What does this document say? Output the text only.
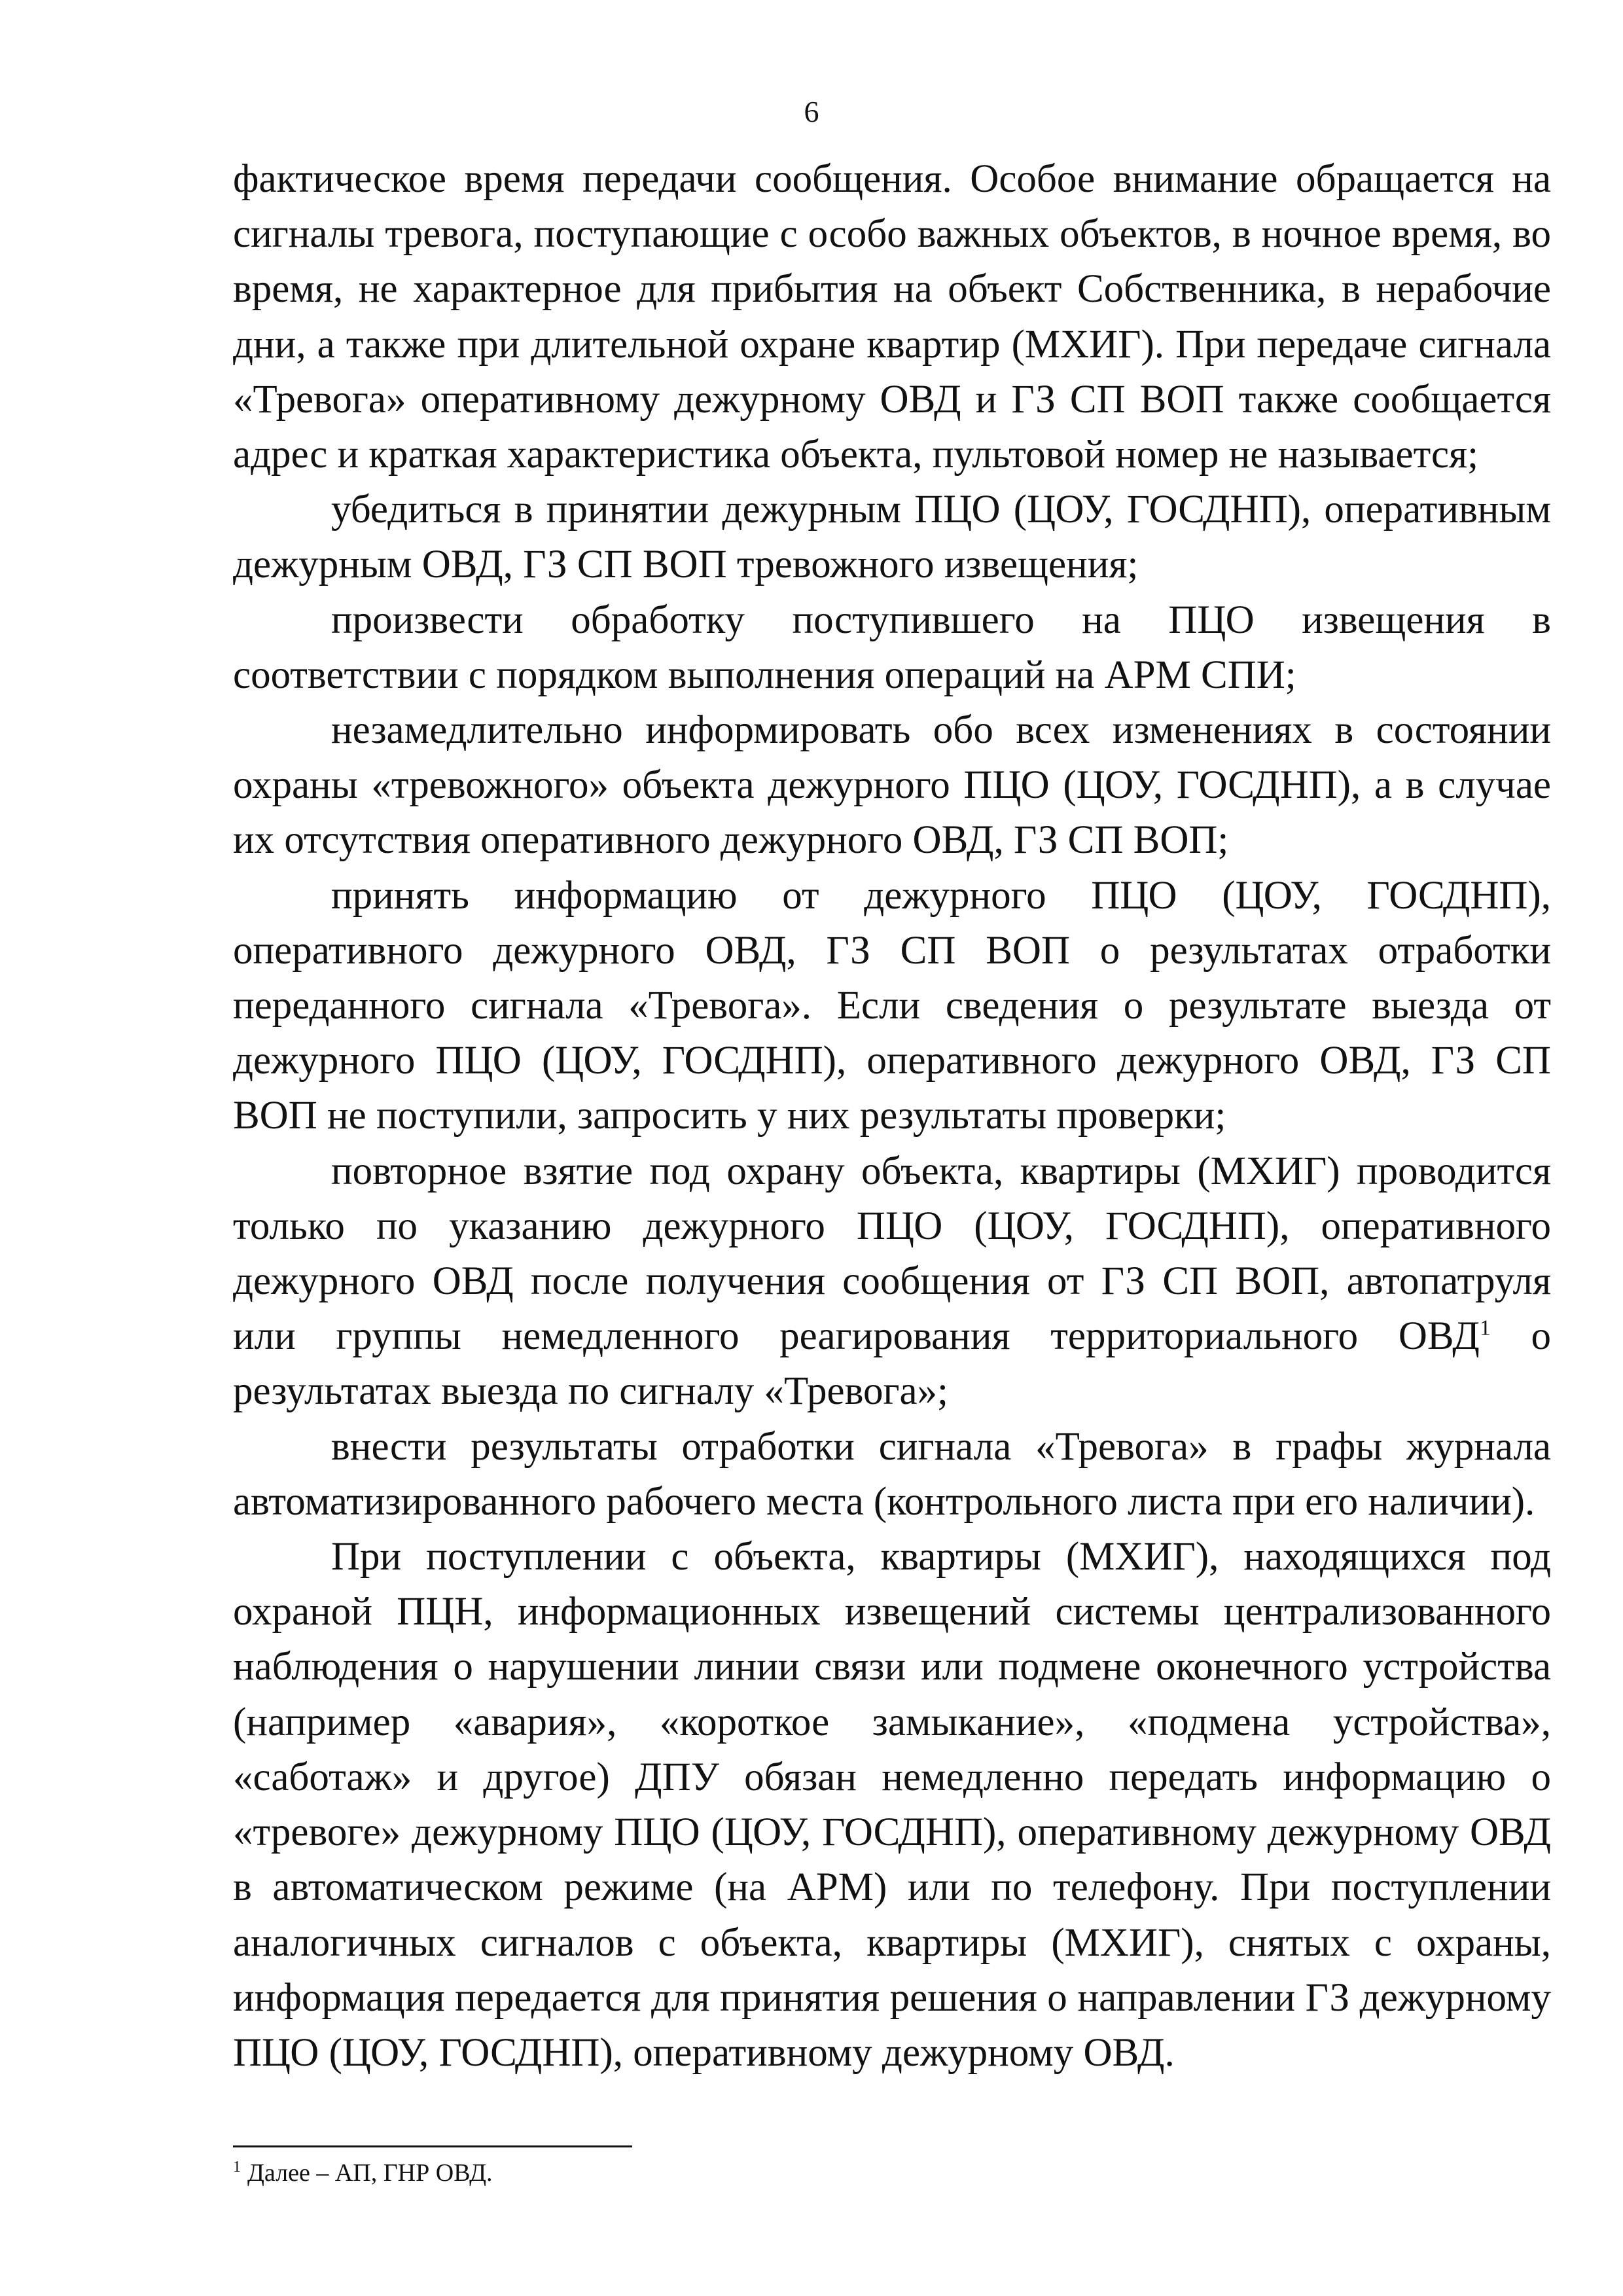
6

фактическое время передачи сообщения. Особое внимание обращается на сигналы тревога, поступающие с особо важных объектов, в ночное время, во время, не характерное для прибытия на объект Собственника, в нерабочие дни, а также при длительной охране квартир (МХИГ). При передаче сигнала «Тревога» оперативному дежурному ОВД и ГЗ СП ВОП также сообщается адрес и краткая характеристика объекта, пультовой номер не называется;

убедиться в принятии дежурным ПЦО (ЦОУ, ГОСДНП), оперативным дежурным ОВД, ГЗ СП ВОП тревожного извещения;

произвести обработку поступившего на ПЦО извещения в соответствии с порядком выполнения операций на АРМ СПИ;

незамедлительно информировать обо всех изменениях в состоянии охраны «тревожного» объекта дежурного ПЦО (ЦОУ, ГОСДНП), а в случае их отсутствия оперативного дежурного ОВД, ГЗ СП ВОП;

принять информацию от дежурного ПЦО (ЦОУ, ГОСДНП), оперативного дежурного ОВД, ГЗ СП ВОП о результатах отработки переданного сигнала «Тревога». Если сведения о результате выезда от дежурного ПЦО (ЦОУ, ГОСДНП), оперативного дежурного ОВД, ГЗ СП ВОП не поступили, запросить у них результаты проверки;

повторное взятие под охрану объекта, квартиры (МХИГ) проводится только по указанию дежурного ПЦО (ЦОУ, ГОСДНП), оперативного дежурного ОВД после получения сообщения от ГЗ СП ВОП, автопатруля или группы немедленного реагирования территориального ОВД$^1$ о результатах выезда по сигналу «Тревога»;

внести результаты отработки сигнала «Тревога» в графы журнала автоматизированного рабочего места (контрольного листа при его наличии).

При поступлении с объекта, квартиры (МХИГ), находящихся под охраной ПЦН, информационных извещений системы централизованного наблюдения о нарушении линии связи или подмене оконечного устройства (например «авария», «короткое замыкание», «подмена устройства», «саботаж» и другое) ДПУ обязан немедленно передать информацию о «тревоге» дежурному ПЦО (ЦОУ, ГОСДНП), оперативному дежурному ОВД в автоматическом режиме (на АРМ) или по телефону. При поступлении аналогичных сигналов с объекта, квартиры (МХИГ), снятых с охраны, информация передается для принятия решения о направлении ГЗ дежурному ПЦО (ЦОУ, ГОСДНП), оперативному дежурному ОВД.

$^1$ Далее – АП, ГНР ОВД.
